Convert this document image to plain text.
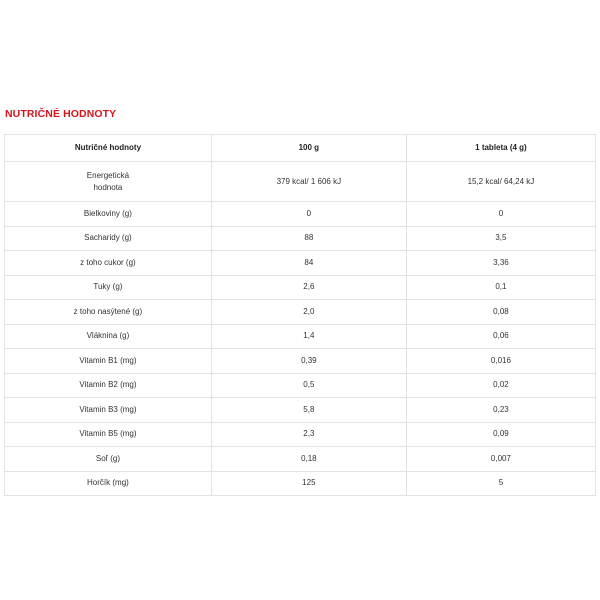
NUTRIČNÉ HODNOTY
Nutričné hodnoty	100 g	1 tableta (4 g)
Energetická hodnota	379 kcal/ 1 606 kJ	15,2 kcal/ 64,24 kJ
Bielkoviny (g)	0	0
Sacharidy (g)	88	3,5
z toho cukor (g)	84	3,36
Tuky (g)	2,6	0,1
z toho nasýtené (g)	2,0	0,08
Vláknina (g)	1,4	0,06
Vitamin B1 (mg)	0,39	0,016
Vitamin B2 (mg)	0,5	0,02
Vitamin B3 (mg)	5,8	0,23
Vitamin B5 (mg)	2,3	0,09
Soľ (g)	0,18	0,007
Horčík (mg)	125	5
